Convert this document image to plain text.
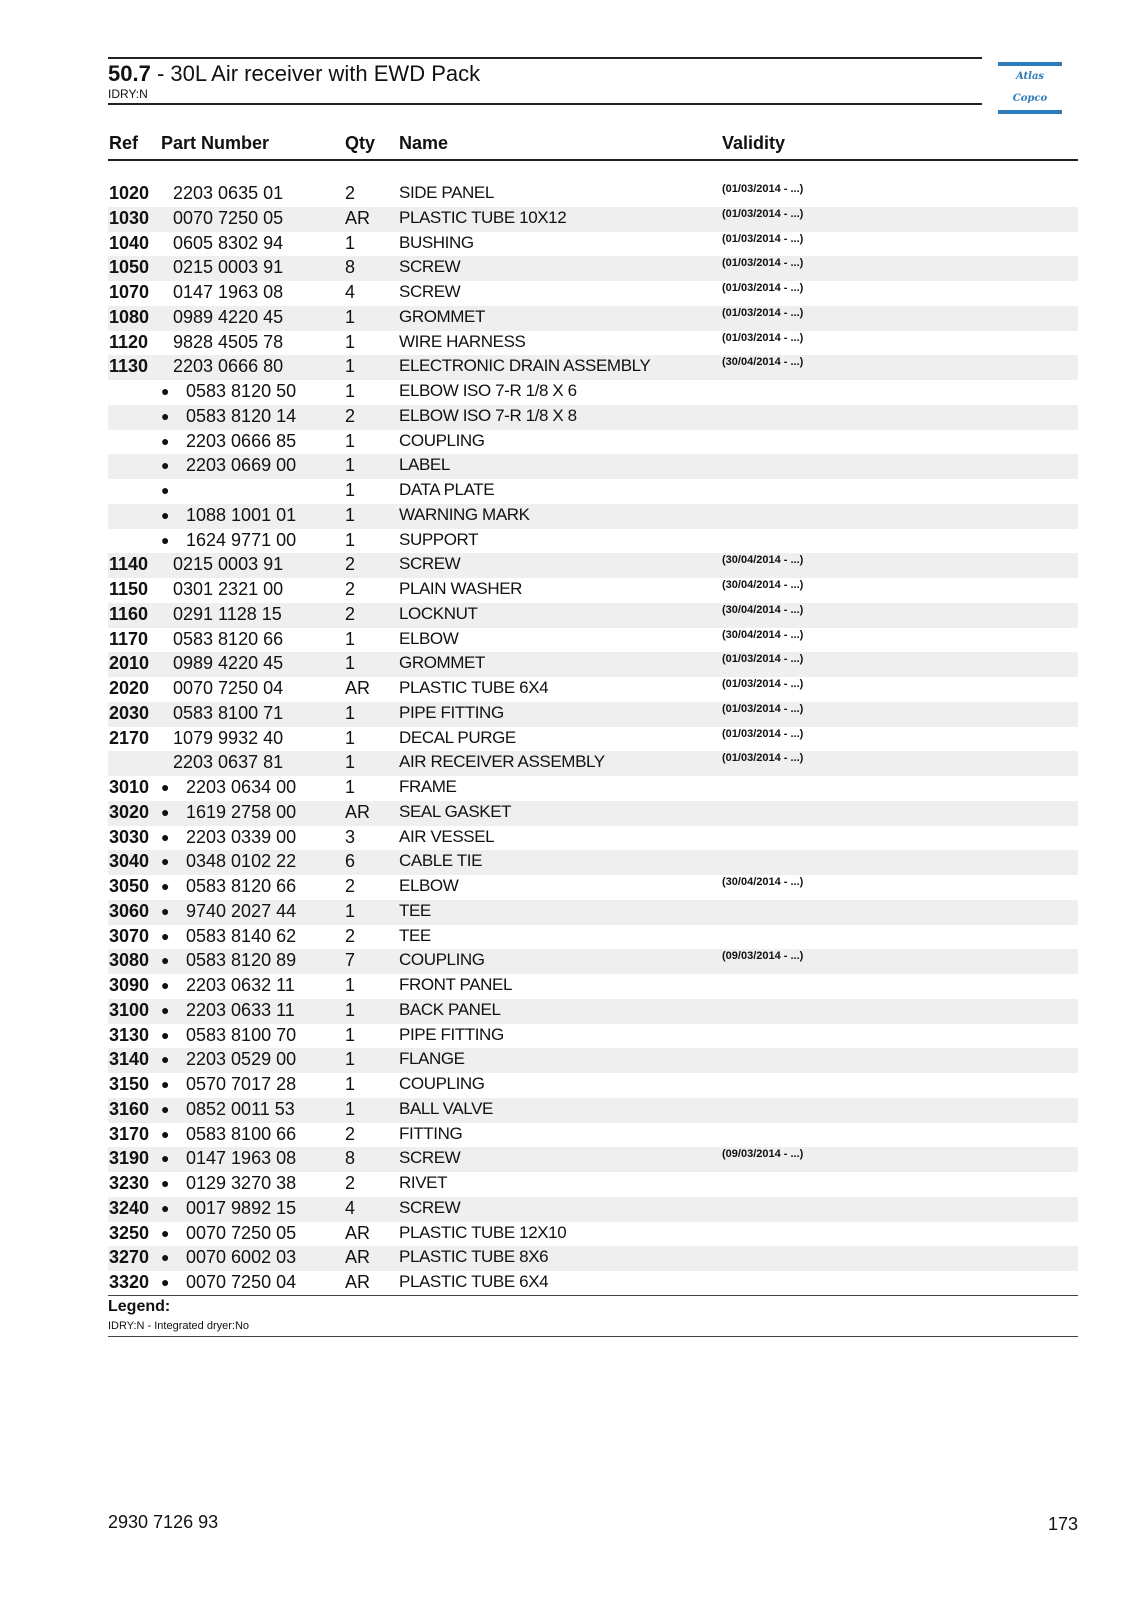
50.7 - 30L Air receiver with EWD Pack
IDRY:N
Atlas Copco
Ref Part Number	Qty Name	Validity
1020 2203 0635 01	2	SIDE PANEL	(01/03/2014 - ...)
1030 0070 7250 05	AR PLASTIC TUBE 10X12	(01/03/2014 - ...)
1040 0605 8302 94	1	BUSHING	(01/03/2014 - ...)
1050 0215 0003 91	8	SCREW	(01/03/2014 - ...)
1070 0147 1963 08	4	SCREW	(01/03/2014 - ...)
1080 0989 4220 45	1	GROMMET	(01/03/2014 - ...)
1120 9828 4505 78	1	WIRE HARNESS	(01/03/2014 - ...)
1130 2203 0666 80	1	ELECTRONIC DRAIN ASSEMBLY	(30/04/2014 - ...)
● 0583 8120 50	1	ELBOW ISO 7-R 1/8 X 6
● 0583 8120 14	2	ELBOW ISO 7-R 1/8 X 8
● 2203 0666 85	1	COUPLING
● 2203 0669 00	1	LABEL
●	1	DATA PLATE
● 1088 1001 01	1	WARNING MARK
● 1624 9771 00	1	SUPPORT
1140 0215 0003 91	2	SCREW	(30/04/2014 - ...)
1150 0301 2321 00	2	PLAIN WASHER	(30/04/2014 - ...)
1160 0291 1128 15	2	LOCKNUT	(30/04/2014 - ...)
1170 0583 8120 66	1	ELBOW	(30/04/2014 - ...)
2010 0989 4220 45	1	GROMMET	(01/03/2014 - ...)
2020 0070 7250 04	AR PLASTIC TUBE 6X4	(01/03/2014 - ...)
2030 0583 8100 71	1	PIPE FITTING	(01/03/2014 - ...)
2170 1079 9932 40	1	DECAL PURGE	(01/03/2014 - ...)
2203 0637 81	1	AIR RECEIVER ASSEMBLY	(01/03/2014 - ...)
3010 ● 2203 0634 00	1	FRAME
3020 ● 1619 2758 00	AR SEAL GASKET
3030 ● 2203 0339 00	3	AIR VESSEL
3040 ● 0348 0102 22	6	CABLE TIE
3050 ● 0583 8120 66	2	ELBOW	(30/04/2014 - ...)
3060 ● 9740 2027 44	1	TEE
3070 ● 0583 8140 62	2	TEE
3080 ● 0583 8120 89	7	COUPLING	(09/03/2014 - ...)
3090 ● 2203 0632 11	1	FRONT PANEL
3100 ● 2203 0633 11	1	BACK PANEL
3130 ● 0583 8100 70	1	PIPE FITTING
3140 ● 2203 0529 00	1	FLANGE
3150 ● 0570 7017 28	1	COUPLING
3160 ● 0852 0011 53	1	BALL VALVE
3170 ● 0583 8100 66	2	FITTING
3190 ● 0147 1963 08	8	SCREW	(09/03/2014 - ...)
3230 ● 0129 3270 38	2	RIVET
3240 ● 0017 9892 15	4	SCREW
3250 ● 0070 7250 05	AR PLASTIC TUBE 12X10
3270 ● 0070 6002 03	AR PLASTIC TUBE 8X6
3320 ● 0070 7250 04	AR PLASTIC TUBE 6X4
Legend:
IDRY:N - Integrated dryer:No
2930 7126 93	173
